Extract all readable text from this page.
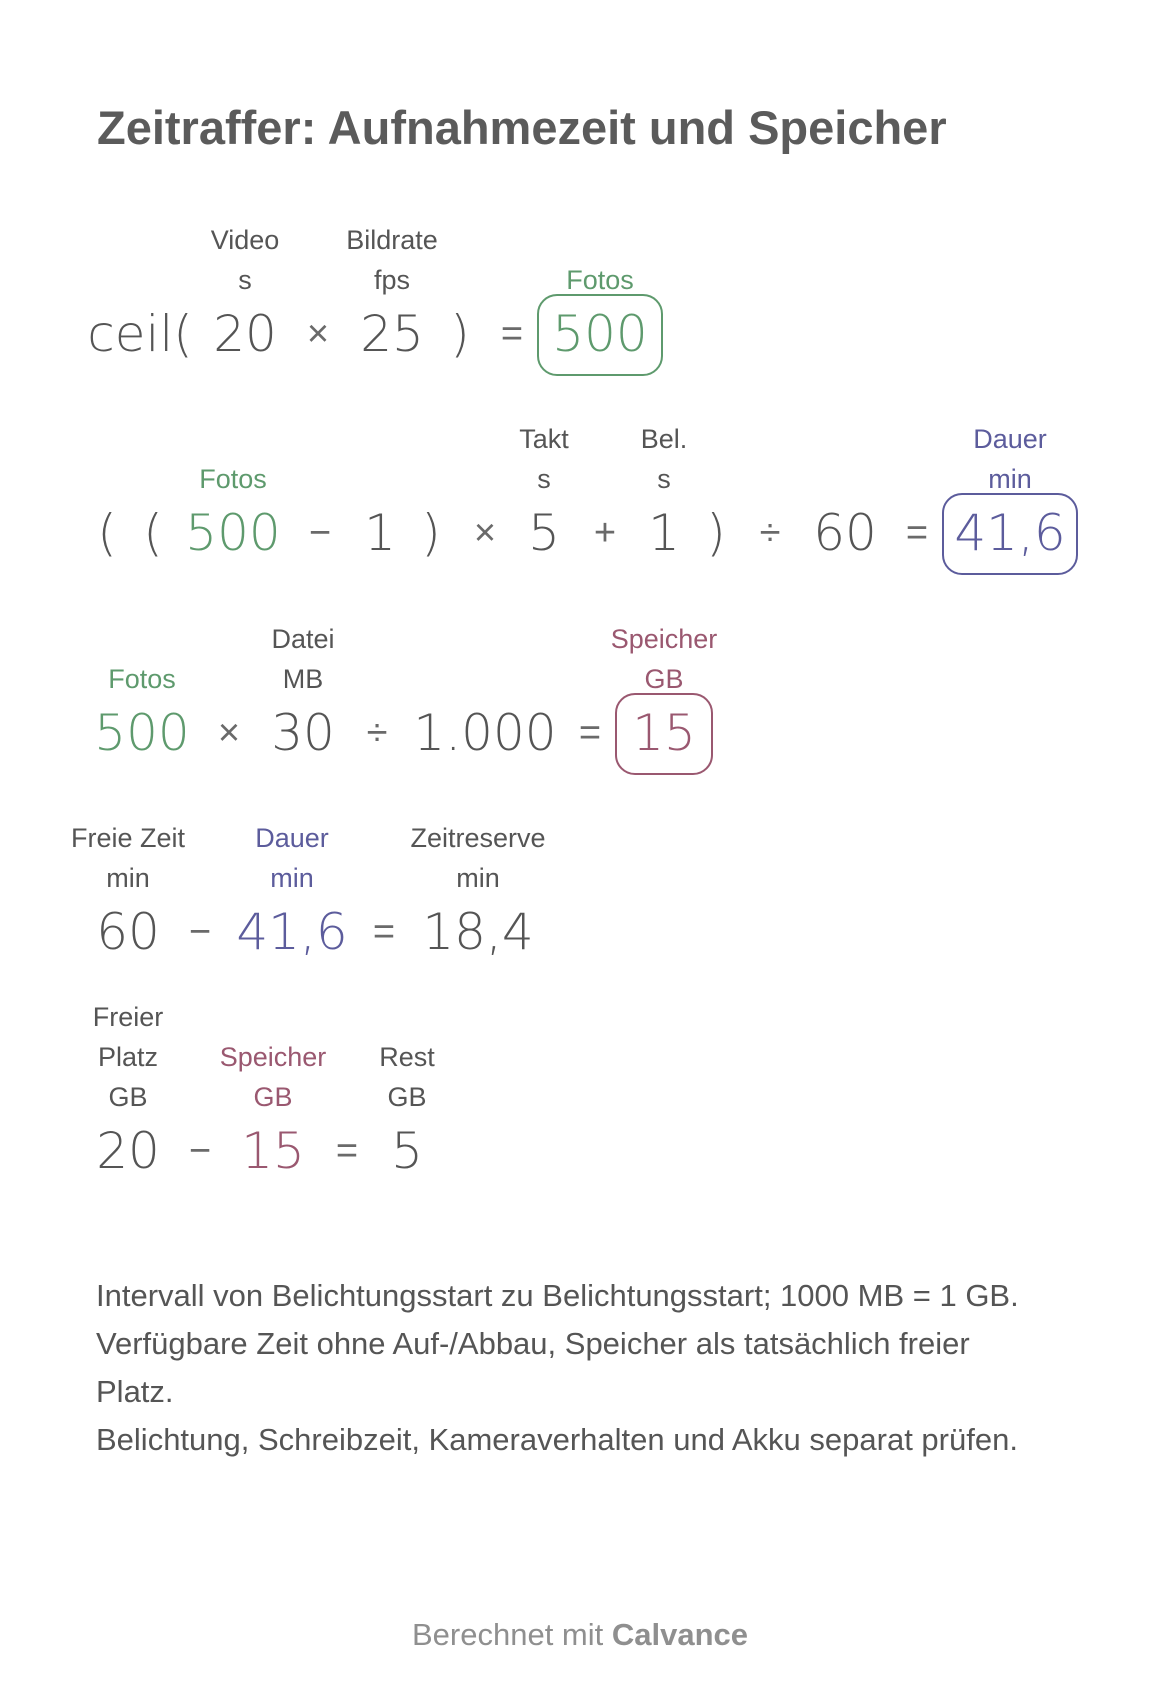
Zeitraffer: Aufnahmezeit und Speicher
Video
s
Bildrate
fps	Fotos
ceil( 20 × 25 ) = 500
Fotos
Takt
s
Bel.
s
Dauer
min
( ( 500 − 1 ) × 5 + 1 ) ÷ 60 = 41,6
Fotos
Datei
MB
Speicher
GB
500 × 30 ÷ 1.000 = 15
Freie Zeit
min
Dauer
min
Zeitreserve
min
60 − 41,6 = 18,4
Freier
Platz
GB
Speicher
GB
Rest
GB
20 − 15 = 5

Intervall von Belichtungsstart zu Belichtungsstart; 1000 MB = 1 GB.

Verfügbare Zeit ohne Auf-/Abbau, Speicher als tatsächlich freier Platz.

Belichtung, Schreibzeit, Kameraverhalten und Akku separat prüfen.

Berechnet mit Calvance
